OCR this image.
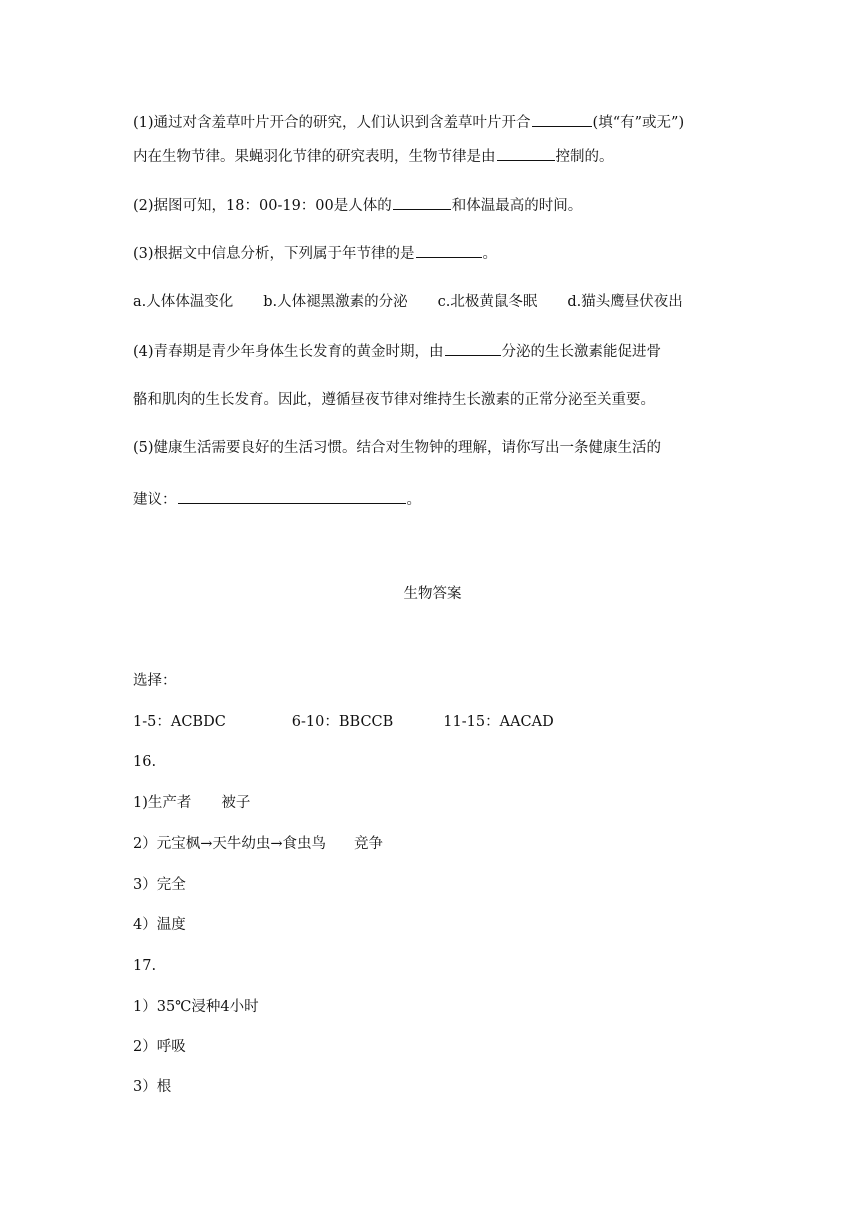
(1)通过对含羞草叶片开合的研究，人们认识到含羞草叶片开合	(填“有”或无”)
内在生物节律。果蝇羽化节律的研究表明，生物节律是由	控制的。
(2)据图可知，18：00-19：00是人体的	和体温最高的时间。
(3)根据文中信息分析，下列属于年节律的是	。
a.人体体温变化 b.人体褪黑激素的分泌 c.北极黄鼠冬眠 d.猫头鹰昼伏夜出
(4)青春期是青少年身体生长发育的黄金时期，由	分泌的生长激素能促进骨
骼和肌肉的生长发育。因此，遵循昼夜节律对维持生长激素的正常分泌至关重要。
(5)健康生活需要良好的生活习惯。结合对生物钟的理解，请你写出一条健康生活的
建议：	。
生物答案
选择：
1-5：ACBDC	6-10：BBCCB	11-15：AACAD
16.
1)生产者 被子
2）元宝枫→天牛幼虫→食虫鸟 竞争
3）完全
4）温度
17.
1）35℃浸种4小时
2）呼吸
3）根
